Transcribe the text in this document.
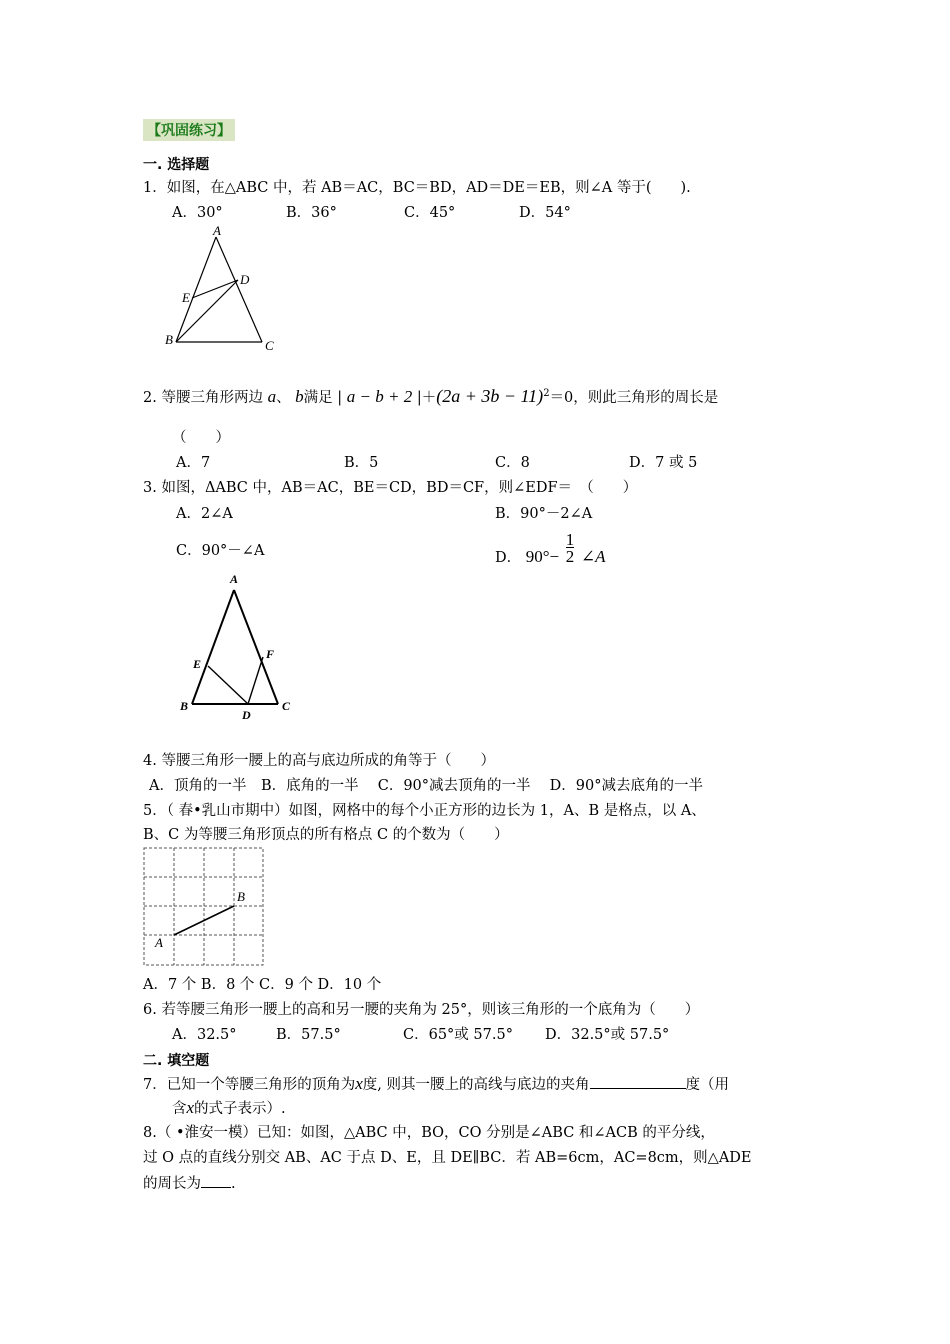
【巩固练习】
一. 选择题
1．如图，在△ABC 中，若 AB＝AC，BC＝BD，AD＝DE＝EB，则∠A 等于(　　).
A．30°	B．36°	C．45°	D．54°
A
D
E
B	C
2. 等腰三角形两边 a、 b满足 | a − b + 2 $|+(2a + 3b - 11)^2=0$，则此三角形的周长是
（　　）
A．7	B．5	C．8	D．7 或 5
3. 如图，ΔABC 中，AB＝AC，BE＝CD，BD＝CF，则∠EDF＝　（　　）
A．2∠A	B．90°－2∠A
C．90°－∠A	D． $90^\circ- \frac{1}{2}$ ∠A
A
E
F
B
D
C
4. 等腰三角形一腰上的高与底边所成的角等于（　　）
A．顶角的一半　B．底角的一半　 C．90°减去顶角的一半　 D．90°减去底角的一半
5．（ 春•乳山市期中）如图，网格中的每个小正方形的边长为 1，A、B 是格点，以 A、
B、C 为等腰三角形顶点的所有格点 C 的个数为（　　）
A
B
A．7 个 B．8 个 C．9 个 D．10 个
6. 若等腰三角形一腰上的高和另一腰的夹角为 25°，则该三角形的一个底角为（　　）
A．32.5°	B．57.5°	C．65°或 57.5° D．32.5°或 57.5°
二. 填空题
7．已知一个等腰三角形的顶角为x度, 则其一腰上的高线与底边的夹角	度（用
含x的式子表示）.
8.（ •淮安一模）已知：如图，△ABC 中，BO，CO 分别是∠ABC 和∠ACB 的平分线，
过 O 点的直线分别交 AB、AC 于点 D、E，且 DE∥BC．若 AB=6cm，AC=8cm，则△ADE
的周长为 .
